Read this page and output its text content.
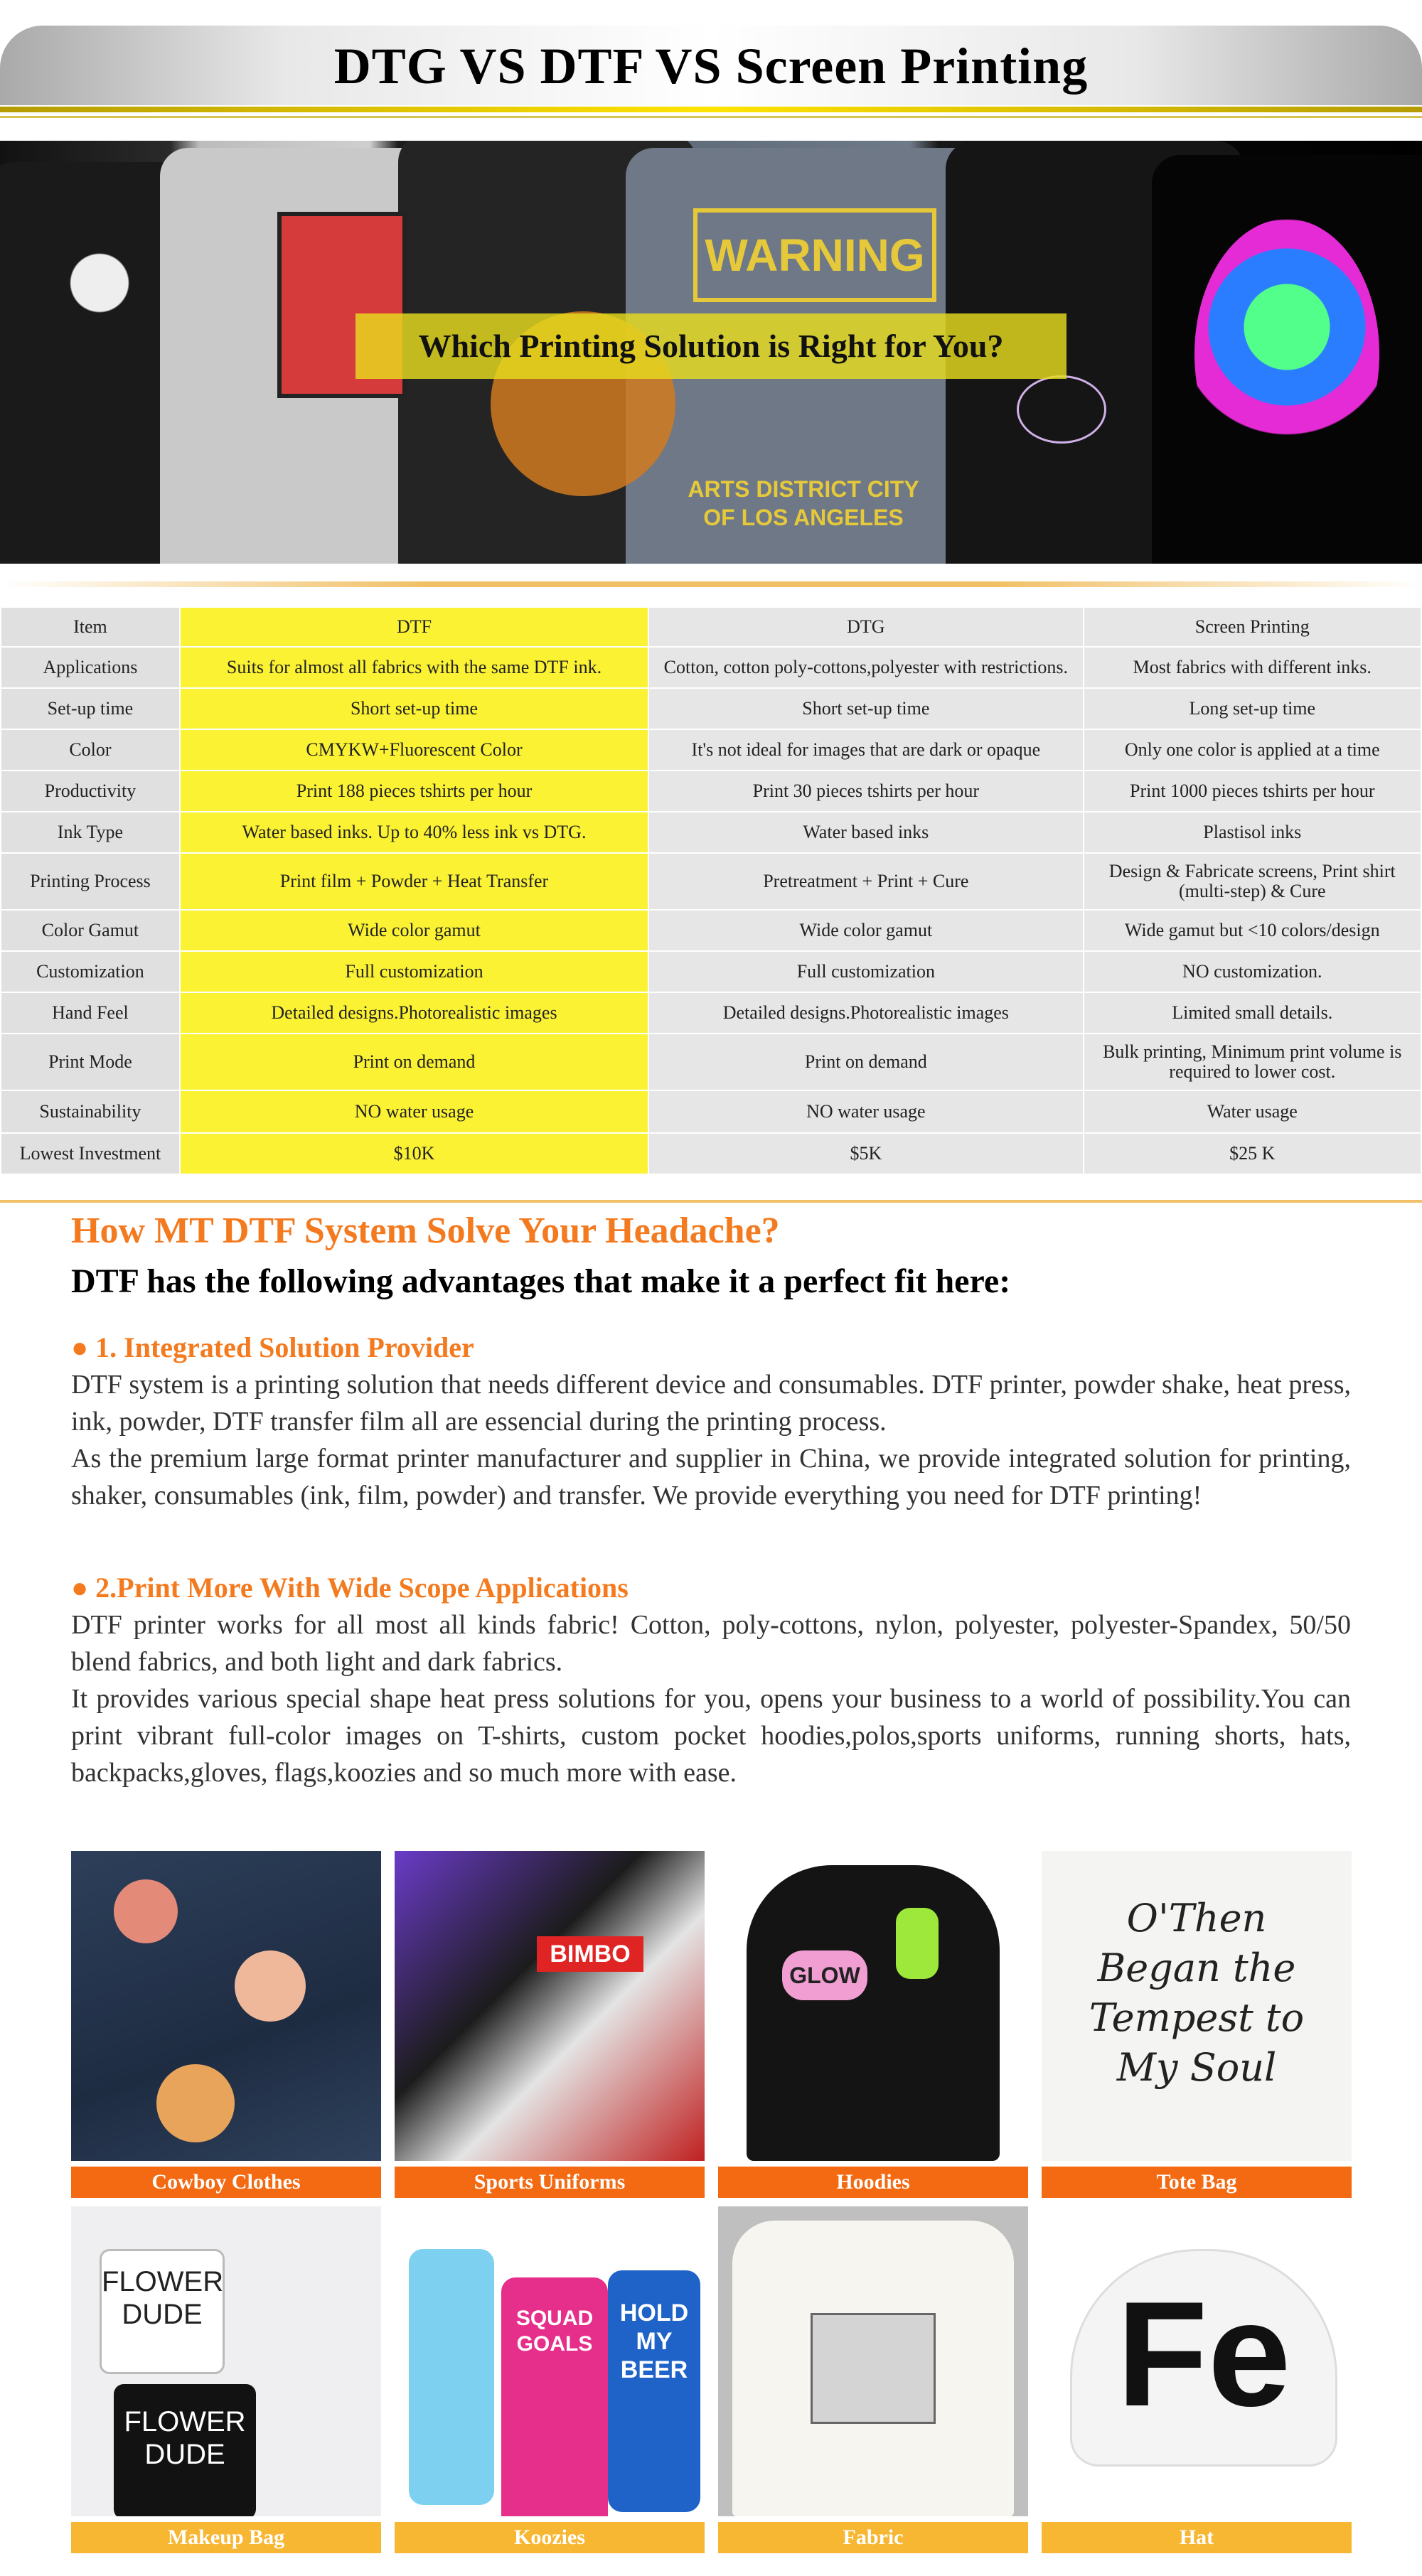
DTG VS DTF VS Screen Printing
WARNING
ARTS DISTRICT CITY OF LOS ANGELES
Which Printing Solution is Right for You?
Item	DTF	DTG	Screen Printing
Applications	Suits for almost all fabrics with the same DTF ink.	Cotton, cotton poly-cottons,polyester with restrictions.	Most fabrics with different inks.
Set-up time	Short set-up time	Short set-up time	Long set-up time
Color	CMYKW+Fluorescent Color	It's not ideal for images that are dark or opaque	Only one color is applied at a time
Productivity	Print 188 pieces tshirts per hour	Print 30 pieces tshirts per hour	Print 1000 pieces tshirts per hour
Ink Type	Water based inks. Up to 40% less ink vs DTG.	Water based inks	Plastisol inks
Printing Process	Print film + Powder + Heat Transfer	Pretreatment + Print + Cure	Design & Fabricate screens, Print shirt (multi-step) & Cure
Color Gamut	Wide color gamut	Wide color gamut	Wide gamut but <10 colors/design
Customization	Full customization	Full customization	NO customization.
Hand Feel	Detailed designs.Photorealistic images	Detailed designs.Photorealistic images	Limited small details.
Print Mode	Print on demand	Print on demand	Bulk printing, Minimum print volume is required to lower cost.
Sustainability	NO water usage	NO water usage	Water usage
Lowest Investment	$10K	$5K	$25 K
How MT DTF System Solve Your Headache?
DTF has the following advantages that make it a perfect fit here:
● 1. Integrated Solution Provider
DTF system is a printing solution that needs different device and consumables. DTF printer, powder shake, heat press, ink, powder, DTF transfer film all are essencial during the printing process.
As the premium large format printer manufacturer and supplier in China, we provide integrated solution for printing, shaker, consumables (ink, film, powder) and transfer. We provide everything you need for DTF printing!
● 2.Print More With Wide Scope Applications
DTF printer works for all most all kinds fabric! Cotton, poly-cottons, nylon, polyester, polyester-Spandex, 50/50 blend fabrics, and both light and dark fabrics.
It provides various special shape heat press solutions for you, opens your business to a world of possibility.You can print vibrant full-color images on T-shirts, custom pocket hoodies,polos,sports uniforms, running shorts, hats, backpacks,gloves, flags,koozies and so much more with ease.
BIMBO
GLOW
O'Then Began the Tempest to My Soul
Cowboy Clothes	Sports Uniforms	Hoodies	Tote Bag
FLOWER DUDE
FLOWER DUDE
SQUAD GOALS
HOLD MY BEER	Fe
Makeup Bag	Koozies	Fabric	Hat
